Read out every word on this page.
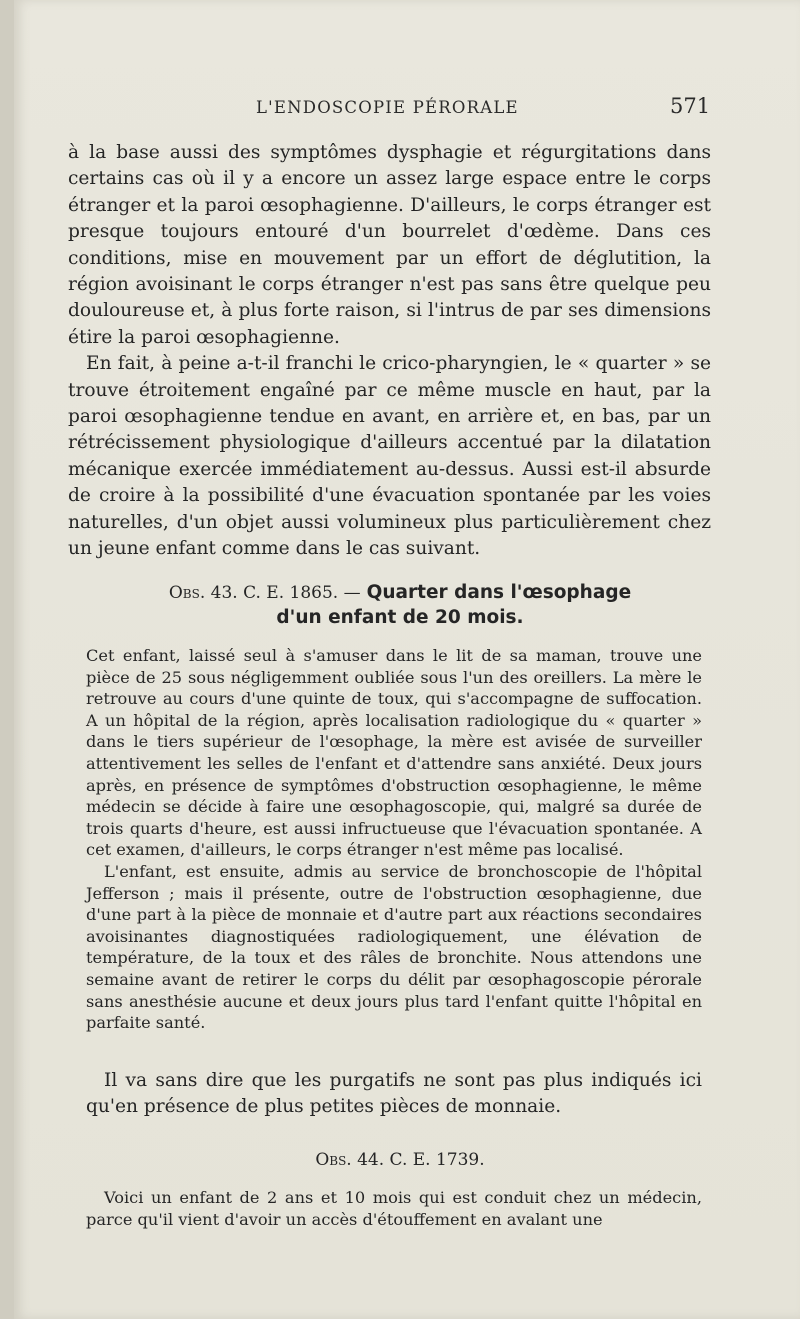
L'ENDOSCOPIE PÉRORALE	571

à la base aussi des symptômes dysphagie et régurgitations dans certains cas où il y a encore un assez large espace entre le corps étranger et la paroi œsophagienne. D'ailleurs, le corps étranger est presque toujours entouré d'un bourrelet d'œdème. Dans ces conditions, mise en mouvement par un effort de déglutition, la région avoisinant le corps étranger n'est pas sans être quelque peu douloureuse et, à plus forte raison, si l'intrus de par ses dimensions étire la paroi œsophagienne.

En fait, à peine a-t-il franchi le crico-pharyngien, le « quarter » se trouve étroitement engaîné par ce même muscle en haut, par la paroi œsophagienne tendue en avant, en arrière et, en bas, par un rétrécissement physiologique d'ailleurs accentué par la dilatation mécanique exercée immédiatement au-dessus. Aussi est-il absurde de croire à la possibilité d'une évacuation spontanée par les voies naturelles, d'un objet aussi volumineux plus particulièrement chez un jeune enfant comme dans le cas suivant.

Obs. 43. C. E. 1865. — Quarter dans l'œsophage
d'un enfant de 20 mois.

Cet enfant, laissé seul à s'amuser dans le lit de sa maman, trouve une pièce de 25 sous négligemment oubliée sous l'un des oreillers. La mère le retrouve au cours d'une quinte de toux, qui s'accompagne de suffocation. A un hôpital de la région, après localisation radiologique du « quarter » dans le tiers supérieur de l'œsophage, la mère est avisée de surveiller attentivement les selles de l'enfant et d'attendre sans anxiété. Deux jours après, en présence de symptômes d'obstruction œsophagienne, le même médecin se décide à faire une œsophagoscopie, qui, malgré sa durée de trois quarts d'heure, est aussi infructueuse que l'évacuation spontanée. A cet examen, d'ailleurs, le corps étranger n'est même pas localisé.

L'enfant, est ensuite, admis au service de bronchoscopie de l'hôpital Jefferson ; mais il présente, outre de l'obstruction œsophagienne, due d'une part à la pièce de monnaie et d'autre part aux réactions secondaires avoisinantes diagnostiquées radiologiquement, une élévation de température, de la toux et des râles de bronchite. Nous attendons une semaine avant de retirer le corps du délit par œsophagoscopie pérorale sans anesthésie aucune et deux jours plus tard l'enfant quitte l'hôpital en parfaite santé.

Il va sans dire que les purgatifs ne sont pas plus indiqués ici qu'en présence de plus petites pièces de monnaie.

Obs. 44. C. E. 1739.

Voici un enfant de 2 ans et 10 mois qui est conduit chez un médecin, parce qu'il vient d'avoir un accès d'étouffement en avalant une
